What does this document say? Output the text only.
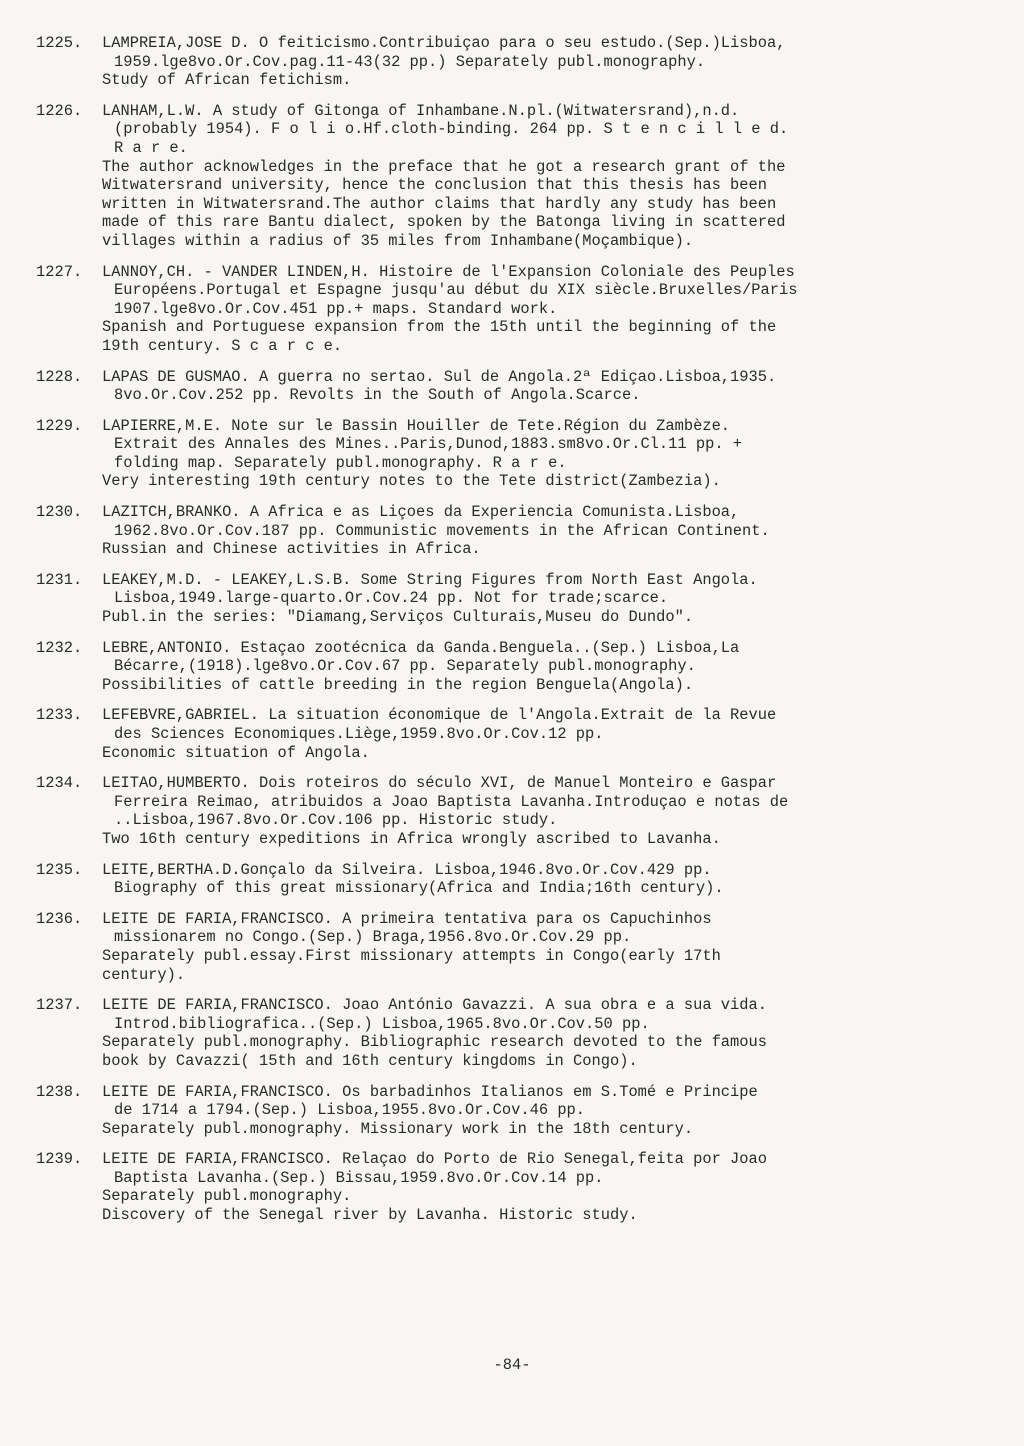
1225.	LAMPREIA,JOSE D. O feiticismo.Contribuiçao para o seu estudo.(Sep.)Lisboa,
1959.lge8vo.Or.Cov.pag.11-43(32 pp.) Separately publ.monography.
Study of African fetichism.
1226.	LANHAM,L.W. A study of Gitonga of Inhambane.N.pl.(Witwatersrand),n.d.
(probably 1954). F o l i o.Hf.cloth-binding. 264 pp. S t e n c i l l e d.
R a r e.
The author acknowledges in the preface that he got a research grant of the
Witwatersrand university, hence the conclusion that this thesis has been
written in Witwatersrand.The author claims that hardly any study has been
made of this rare Bantu dialect, spoken by the Batonga living in scattered
villages within a radius of 35 miles from Inhambane(Moçambique).
1227.	LANNOY,CH. - VANDER LINDEN,H. Histoire de l'Expansion Coloniale des Peuples
Européens.Portugal et Espagne jusqu'au début du XIX siècle.Bruxelles/Paris
1907.lge8vo.Or.Cov.451 pp.+ maps. Standard work.
Spanish and Portuguese expansion from the 15th until the beginning of the
19th century. S c a r c e.
1228.	LAPAS DE GUSMAO. A guerra no sertao. Sul de Angola.2ª Ediçao.Lisboa,1935.
8vo.Or.Cov.252 pp. Revolts in the South of Angola.Scarce.
1229.	LAPIERRE,M.E. Note sur le Bassin Houiller de Tete.Région du Zambèze.
Extrait des Annales des Mines..Paris,Dunod,1883.sm8vo.Or.Cl.11 pp. +
folding map. Separately publ.monography. R a r e.
Very interesting 19th century notes to the Tete district(Zambezia).
1230.	LAZITCH,BRANKO. A Africa e as Liçoes da Experiencia Comunista.Lisboa,
1962.8vo.Or.Cov.187 pp. Communistic movements in the African Continent.
Russian and Chinese activities in Africa.
1231.	LEAKEY,M.D. - LEAKEY,L.S.B. Some String Figures from North East Angola.
Lisboa,1949.large-quarto.Or.Cov.24 pp. Not for trade;scarce.
Publ.in the series: "Diamang,Serviços Culturais,Museu do Dundo".
1232.	LEBRE,ANTONIO. Estaçao zootécnica da Ganda.Benguela..(Sep.) Lisboa,La
Bécarre,(1918).lge8vo.Or.Cov.67 pp. Separately publ.monography.
Possibilities of cattle breeding in the region Benguela(Angola).
1233.	LEFEBVRE,GABRIEL. La situation économique de l'Angola.Extrait de la Revue
des Sciences Economiques.Liège,1959.8vo.Or.Cov.12 pp.
Economic situation of Angola.
1234.	LEITAO,HUMBERTO. Dois roteiros do século XVI, de Manuel Monteiro e Gaspar
Ferreira Reimao, atribuidos a Joao Baptista Lavanha.Introduçao e notas de
..Lisboa,1967.8vo.Or.Cov.106 pp. Historic study.
Two 16th century expeditions in Africa wrongly ascribed to Lavanha.
1235.	LEITE,BERTHA.D.Gonçalo da Silveira. Lisboa,1946.8vo.Or.Cov.429 pp.
Biography of this great missionary(Africa and India;16th century).
1236.	LEITE DE FARIA,FRANCISCO. A primeira tentativa para os Capuchinhos
missionarem no Congo.(Sep.) Braga,1956.8vo.Or.Cov.29 pp.
Separately publ.essay.First missionary attempts in Congo(early 17th
century).
1237.	LEITE DE FARIA,FRANCISCO. Joao António Gavazzi. A sua obra e a sua vida.
Introd.bibliografica..(Sep.) Lisboa,1965.8vo.Or.Cov.50 pp.
Separately publ.monography. Bibliographic research devoted to the famous
book by Cavazzi( 15th and 16th century kingdoms in Congo).
1238.	LEITE DE FARIA,FRANCISCO. Os barbadinhos Italianos em S.Tomé e Principe
de 1714 a 1794.(Sep.) Lisboa,1955.8vo.Or.Cov.46 pp.
Separately publ.monography. Missionary work in the 18th century.
1239.	LEITE DE FARIA,FRANCISCO. Relaçao do Porto de Rio Senegal,feita por Joao
Baptista Lavanha.(Sep.) Bissau,1959.8vo.Or.Cov.14 pp.
Separately publ.monography.
Discovery of the Senegal river by Lavanha. Historic study.
-84-
